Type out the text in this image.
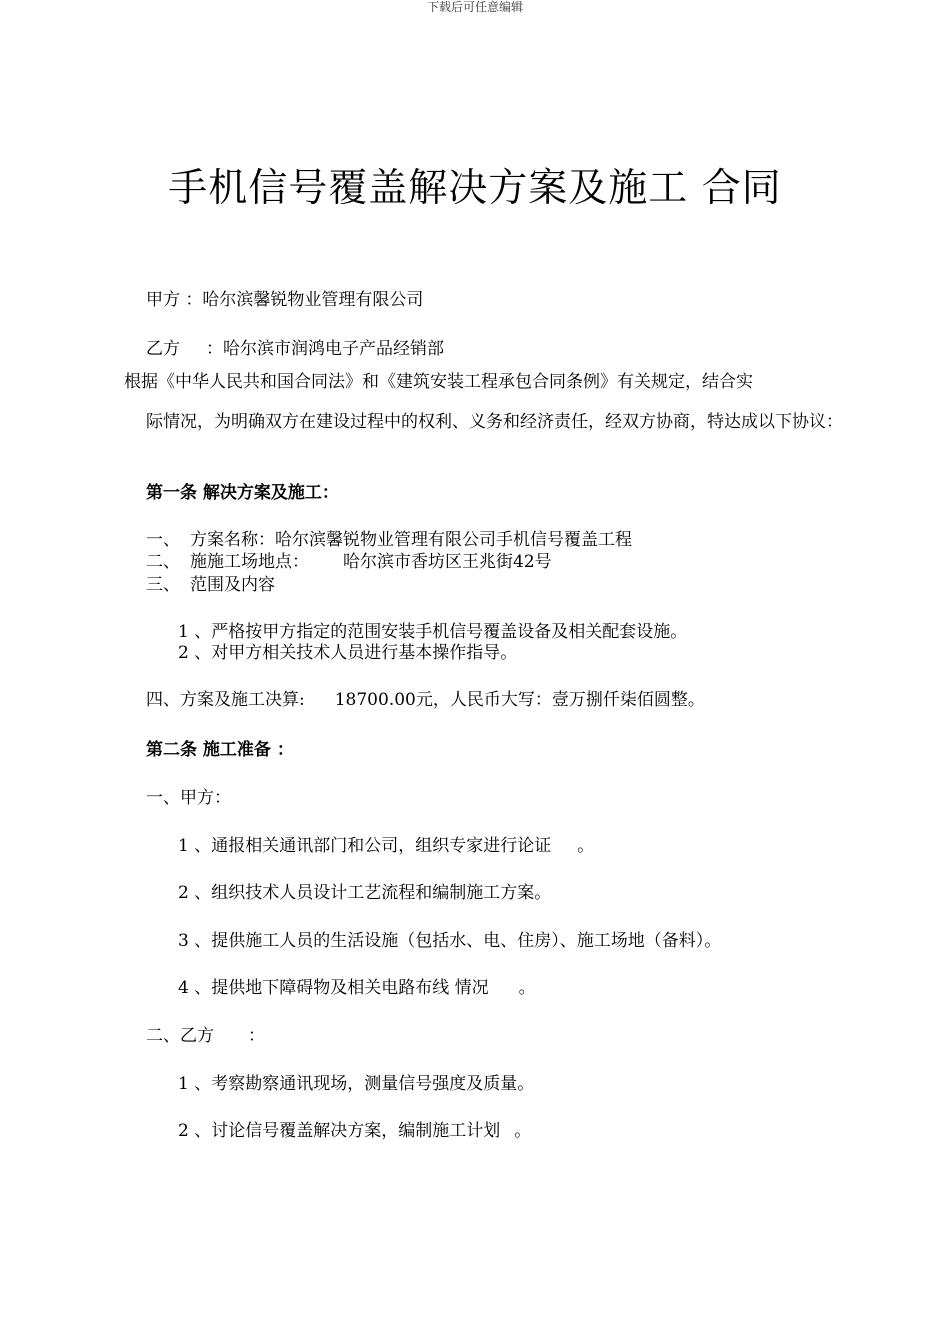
下载后可任意编辑
手机信号覆盖解决方案及施工 合同
甲方 ：哈尔滨馨锐物业管理有限公司
乙方 ：哈尔滨市润鸿电子产品经销部
根据《中华人民共和国合同法》和《建筑安装工程承包合同条例》有关规定，结合实
际情况，为明确双方在建设过程中的权利、义务和经济责任，经双方协商，特达成以下协议：
第一条 解决方案及施工：
一、 方案名称：哈尔滨馨锐物业管理有限公司手机信号覆盖工程
二、 施施工场地点： 哈尔滨市香坊区王兆街42号
三、 范围及内容
1 、严格按甲方指定的范围安装手机信号覆盖设备及相关配套设施。
2 、对甲方相关技术人员进行基本操作指导。
四、方案及施工决算: 18700.00元，人民币大写：壹万捌仟柒佰圆整。
第二条 施工准备 ：
一、甲方：
1 、通报相关通讯部门和公司，组织专家进行论证 。
2 、组织技术人员设计工艺流程和编制施工方案。
3 、提供施工人员的生活设施（包括水、电、住房）、施工场地（备料）。
4 、提供地下障碍物及相关电路布线 情况 。
二、乙方 ：
1 、考察勘察通讯现场，测量信号强度及质量。
2 、讨论信号覆盖解决方案，编制施工计划 。
